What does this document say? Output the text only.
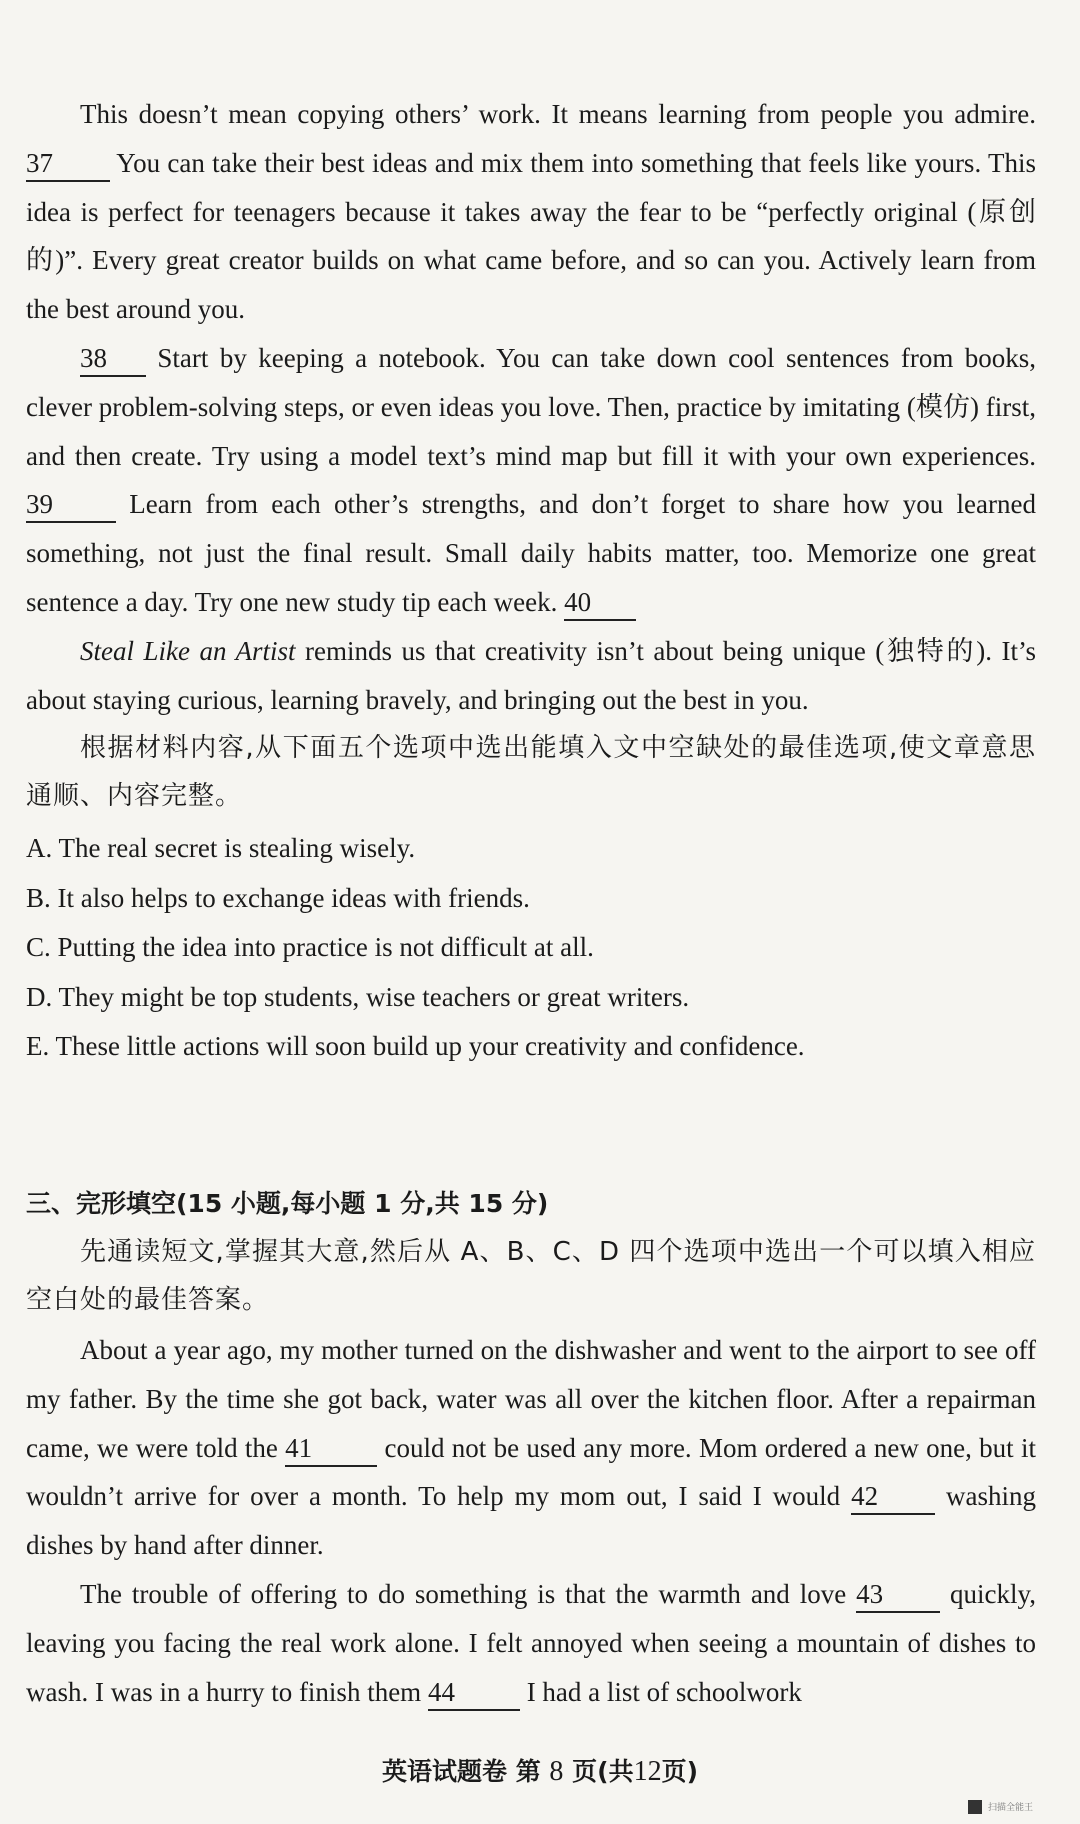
This doesn’t mean copying others’ work. It means learning from people you admire. 37 You can take their best ideas and mix them into something that feels like yours. This idea is perfect for teenagers because it takes away the fear to be “perfectly original (原创的)”. Every great creator builds on what came before, and so can you. Actively learn from the best around you.

38 Start by keeping a notebook. You can take down cool sentences from books, clever problem-solving steps, or even ideas you love. Then, practice by imitating (模仿) first, and then create. Try using a model text’s mind map but fill it with your own experiences. 39 Learn from each other’s strengths, and don’t forget to share how you learned something, not just the final result. Small daily habits matter, too. Memorize one great sentence a day. Try one new study tip each week. 40

Steal Like an Artist reminds us that creativity isn’t about being unique (独特的). It’s about staying curious, learning bravely, and bringing out the best in you.

根据材料内容,从下面五个选项中选出能填入文中空缺处的最佳选项,使文章意思通顺、内容完整。

A. The real secret is stealing wisely.

B. It also helps to exchange ideas with friends.

C. Putting the idea into practice is not difficult at all.

D. They might be top students, wise teachers or great writers.

E. These little actions will soon build up your creativity and confidence.

三、完形填空(15 小题,每小题 1 分,共 15 分)

先通读短文,掌握其大意,然后从 A、B、C、D 四个选项中选出一个可以填入相应空白处的最佳答案。

About a year ago, my mother turned on the dishwasher and went to the airport to see off my father. By the time she got back, water was all over the kitchen floor. After a repairman came, we were told the 41 could not be used any more. Mom ordered a new one, but it wouldn’t arrive for over a month. To help my mom out, I said I would 42 washing dishes by hand after dinner.

The trouble of offering to do something is that the warmth and love 43 quickly, leaving you facing the real work alone. I felt annoyed when seeing a mountain of dishes to wash. I was in a hurry to finish them 44 I had a list of schoolwork

英语试题卷 第 8 页(共12页)
扫描全能王
